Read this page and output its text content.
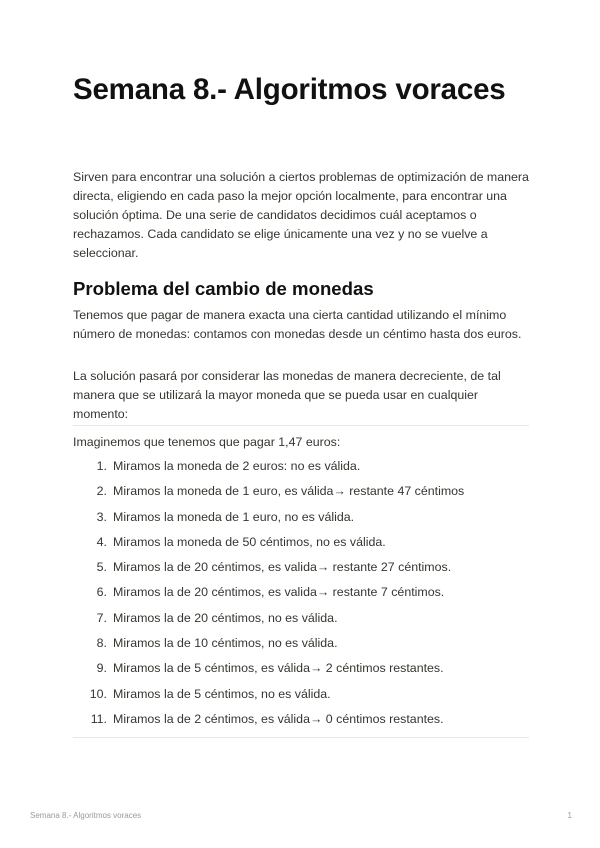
Semana 8.- Algoritmos voraces

Sirven para encontrar una solución a ciertos problemas de optimización de manera directa, eligiendo en cada paso la mejor opción localmente, para encontrar una solución óptima. De una serie de candidatos decidimos cuál aceptamos o rechazamos. Cada candidato se elige únicamente una vez y no se vuelve a seleccionar.

Problema del cambio de monedas

Tenemos que pagar de manera exacta una cierta cantidad utilizando el mínimo número de monedas: contamos con monedas desde un céntimo hasta dos euros.

La solución pasará por considerar las monedas de manera decreciente, de tal manera que se utilizará la mayor moneda que se pueda usar en cualquier momento:

Imaginemos que tenemos que pagar 1,47 euros:

1. Miramos la moneda de 2 euros: no es válida.
2. Miramos la moneda de 1 euro, es válida→ restante 47 céntimos
3. Miramos la moneda de 1 euro, no es válida.
4. Miramos la moneda de 50 céntimos, no es válida.
5. Miramos la de 20 céntimos, es valida→ restante 27 céntimos.
6. Miramos la de 20 céntimos, es valida→ restante 7 céntimos.
7. Miramos la de 20 céntimos, no es válida.
8. Miramos la de 10 céntimos, no es válida.
9. Miramos la de 5 céntimos, es válida→ 2 céntimos restantes.
10. Miramos la de 5 céntimos, no es válida.
11. Miramos la de 2 céntimos, es válida→ 0 céntimos restantes.
Semana 8.- Algoritmos voraces	1
